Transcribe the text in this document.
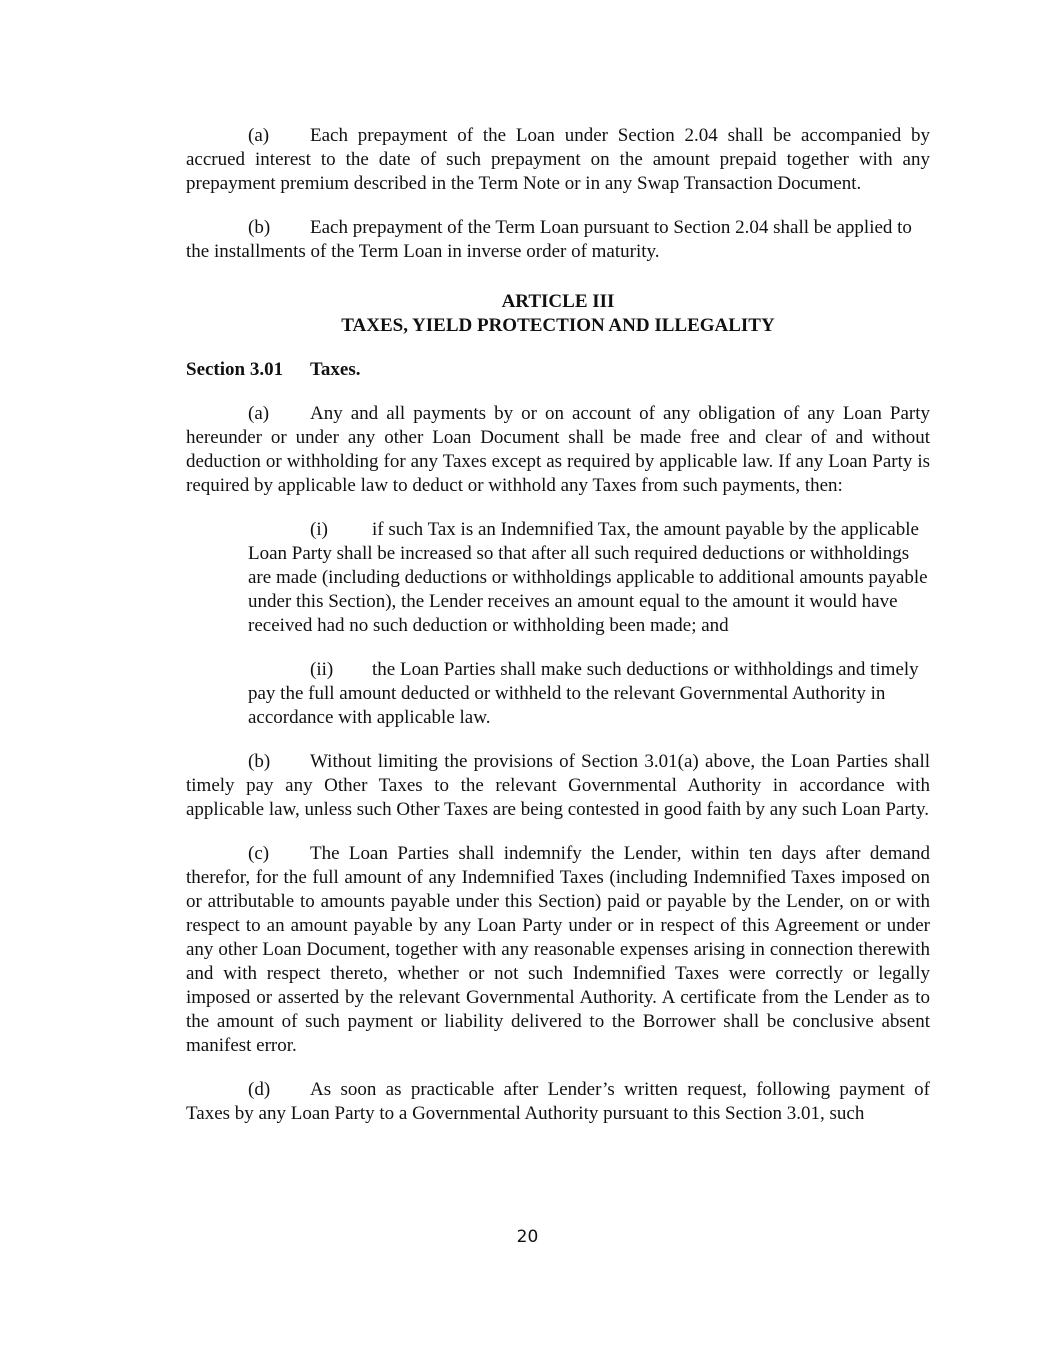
(a) Each prepayment of the Loan under Section 2.04 shall be accompanied by accrued interest to the date of such prepayment on the amount prepaid together with any prepayment premium described in the Term Note or in any Swap Transaction Document.

(b) Each prepayment of the Term Loan pursuant to Section 2.04 shall be applied to the installments of the Term Loan in inverse order of maturity.

ARTICLE III

TAXES, YIELD PROTECTION AND ILLEGALITY

Section 3.01 Taxes.

(a) Any and all payments by or on account of any obligation of any Loan Party hereunder or under any other Loan Document shall be made free and clear of and without deduction or withholding for any Taxes except as required by applicable law. If any Loan Party is required by applicable law to deduct or withhold any Taxes from such payments, then:

(i) if such Tax is an Indemnified Tax, the amount payable by the applicable Loan Party shall be increased so that after all such required deductions or withholdings are made (including deductions or withholdings applicable to additional amounts payable under this Section), the Lender receives an amount equal to the amount it would have received had no such deduction or withholding been made; and

(ii) the Loan Parties shall make such deductions or withholdings and timely pay the full amount deducted or withheld to the relevant Governmental Authority in accordance with applicable law.

(b) Without limiting the provisions of Section 3.01(a) above, the Loan Parties shall timely pay any Other Taxes to the relevant Governmental Authority in accordance with applicable law, unless such Other Taxes are being contested in good faith by any such Loan Party.

(c) The Loan Parties shall indemnify the Lender, within ten days after demand therefor, for the full amount of any Indemnified Taxes (including Indemnified Taxes imposed on or attributable to amounts payable under this Section) paid or payable by the Lender, on or with respect to an amount payable by any Loan Party under or in respect of this Agreement or under any other Loan Document, together with any reasonable expenses arising in connection therewith and with respect thereto, whether or not such Indemnified Taxes were correctly or legally imposed or asserted by the relevant Governmental Authority. A certificate from the Lender as to the amount of such payment or liability delivered to the Borrower shall be conclusive absent manifest error.

(d) As soon as practicable after Lender’s written request, following payment of Taxes by any Loan Party to a Governmental Authority pursuant to this Section 3.01, such

20
